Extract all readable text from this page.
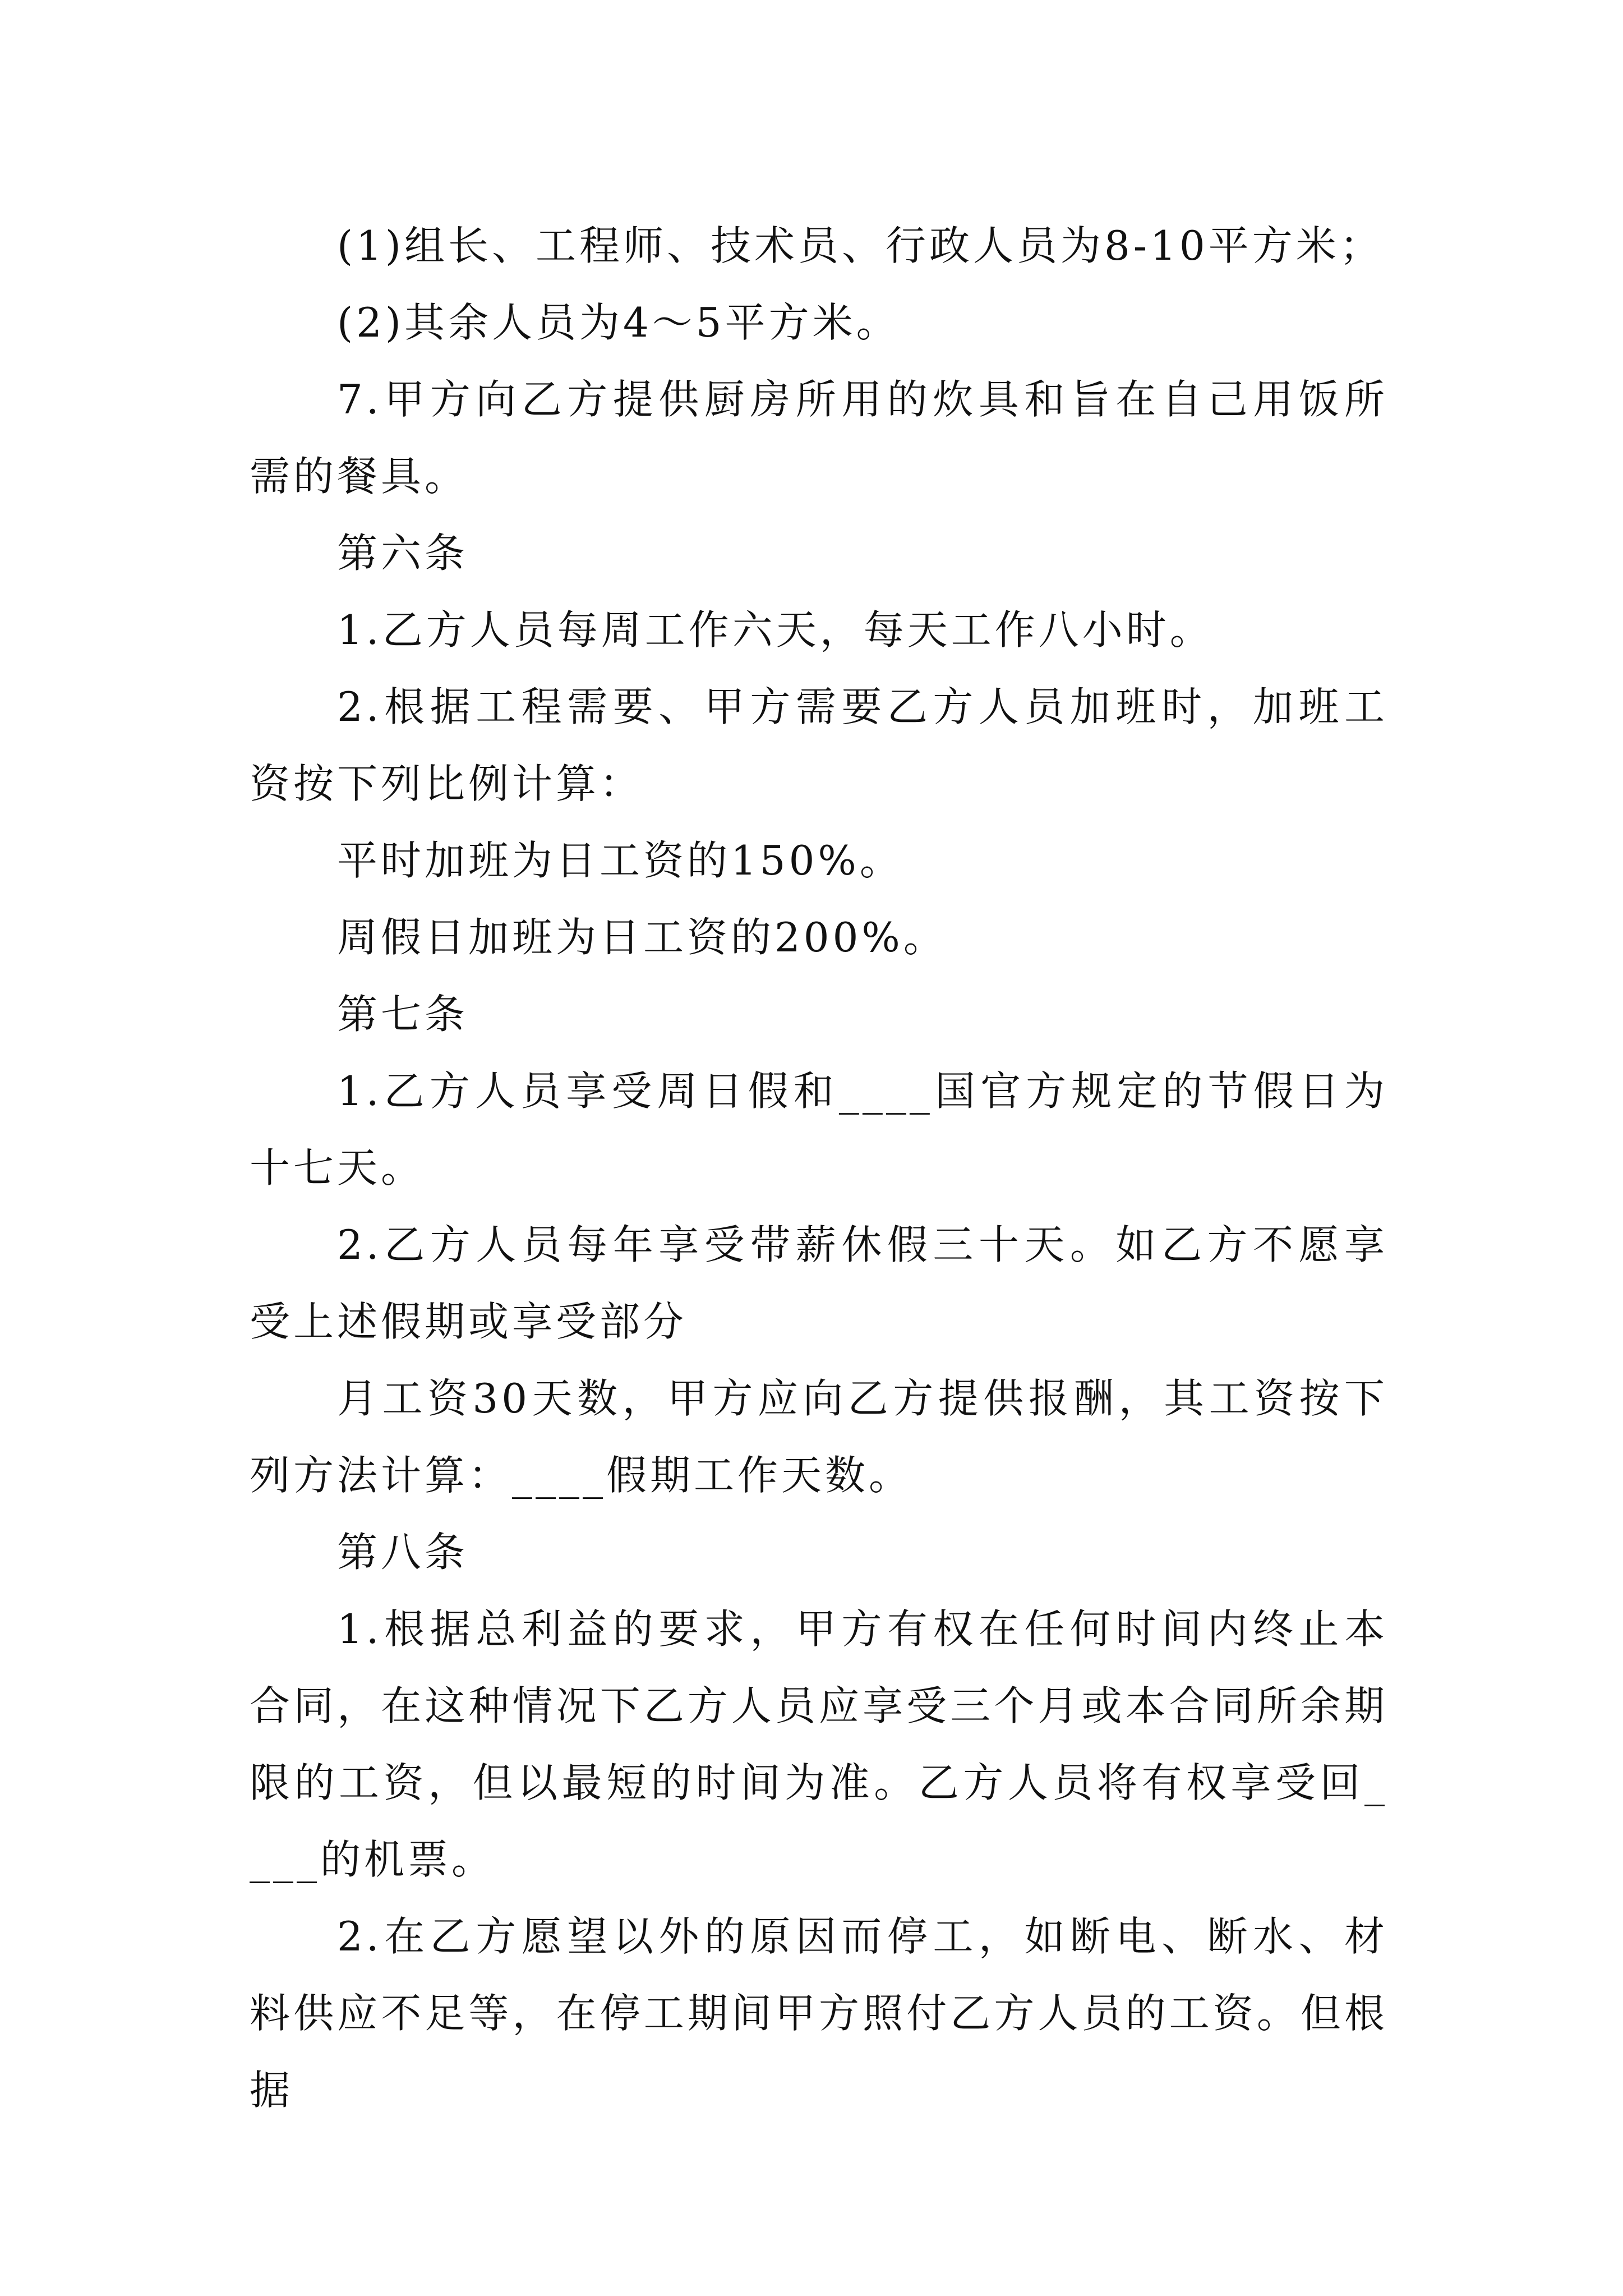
(1)组长、工程师、技术员、行政人员为8-10平方米；

(2)其余人员为4～5平方米。

7.甲方向乙方提供厨房所用的炊具和旨在自己用饭所需的餐具。

第六条

1.乙方人员每周工作六天，每天工作八小时。

2.根据工程需要、甲方需要乙方人员加班时，加班工资按下列比例计算：

平时加班为日工资的150%。

周假日加班为日工资的200%。

第七条

1.乙方人员享受周日假和____国官方规定的节假日为十七天。

2.乙方人员每年享受带薪休假三十天。如乙方不愿享受上述假期或享受部分

月工资30天数，甲方应向乙方提供报酬，其工资按下列方法计算：____假期工作天数。

第八条

1.根据总利益的要求，甲方有权在任何时间内终止本合同，在这种情况下乙方人员应享受三个月或本合同所余期限的工资，但以最短的时间为准。乙方人员将有权享受回____的机票。

2.在乙方愿望以外的原因而停工，如断电、断水、材料供应不足等，在停工期间甲方照付乙方人员的工资。但根据
